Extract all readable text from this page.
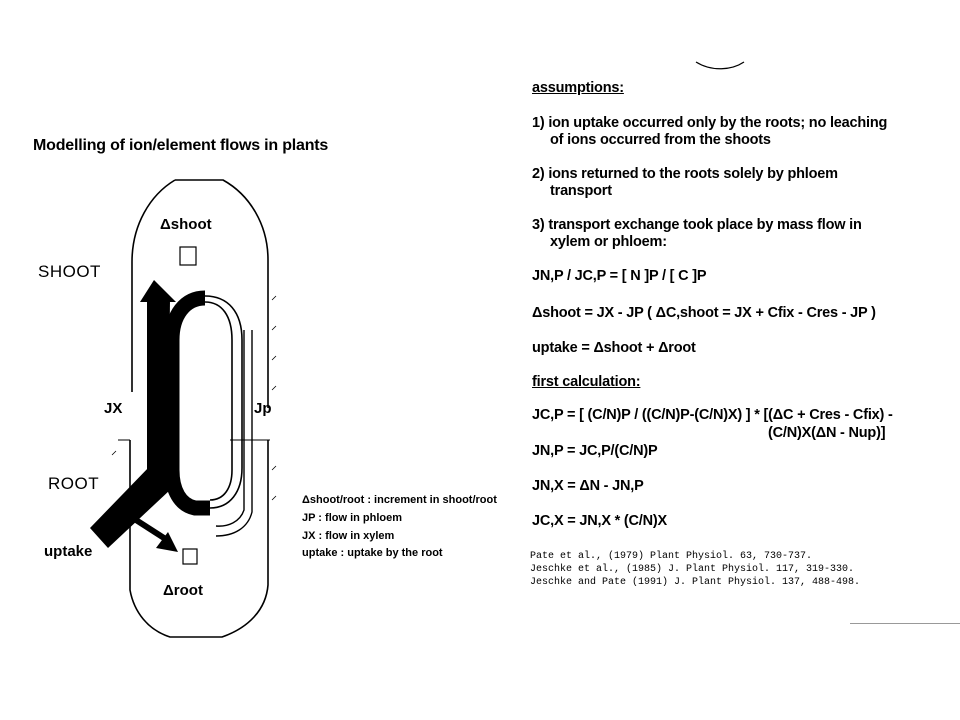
Modelling of ion/element flows in plants
SHOOT
ROOT
uptake
Δshoot
Δroot
JX	Jp
Δshoot/root : increment in shoot/root
JP : flow in phloem
JX : flow in xylem
uptake : uptake by the root
assumptions:
1) ion uptake occurred only by the roots; no leaching
of ions occurred from the shoots
2) ions returned to the roots solely by phloem
transport
3) transport exchange took place by mass flow in
xylem or phloem:
JN,P / JC,P = [ N ]P / [ C ]P
Δshoot = JX - JP ( ΔC,shoot = JX + Cfix - Cres - JP )
uptake = Δshoot + Δroot
first calculation:
JC,P = [ (C/N)P / ((C/N)P-(C/N)X) ] * [(ΔC + Cres - Cfix) -
(C/N)X(ΔN - Nup)]
JN,P = JC,P/(C/N)P
JN,X = ΔN - JN,P
JC,X = JN,X * (C/N)X
Pate et al., (1979) Plant Physiol. 63, 730-737.
Jeschke et al., (1985) J. Plant Physiol. 117, 319-330.
Jeschke and Pate (1991) J. Plant Physiol. 137, 488-498.
